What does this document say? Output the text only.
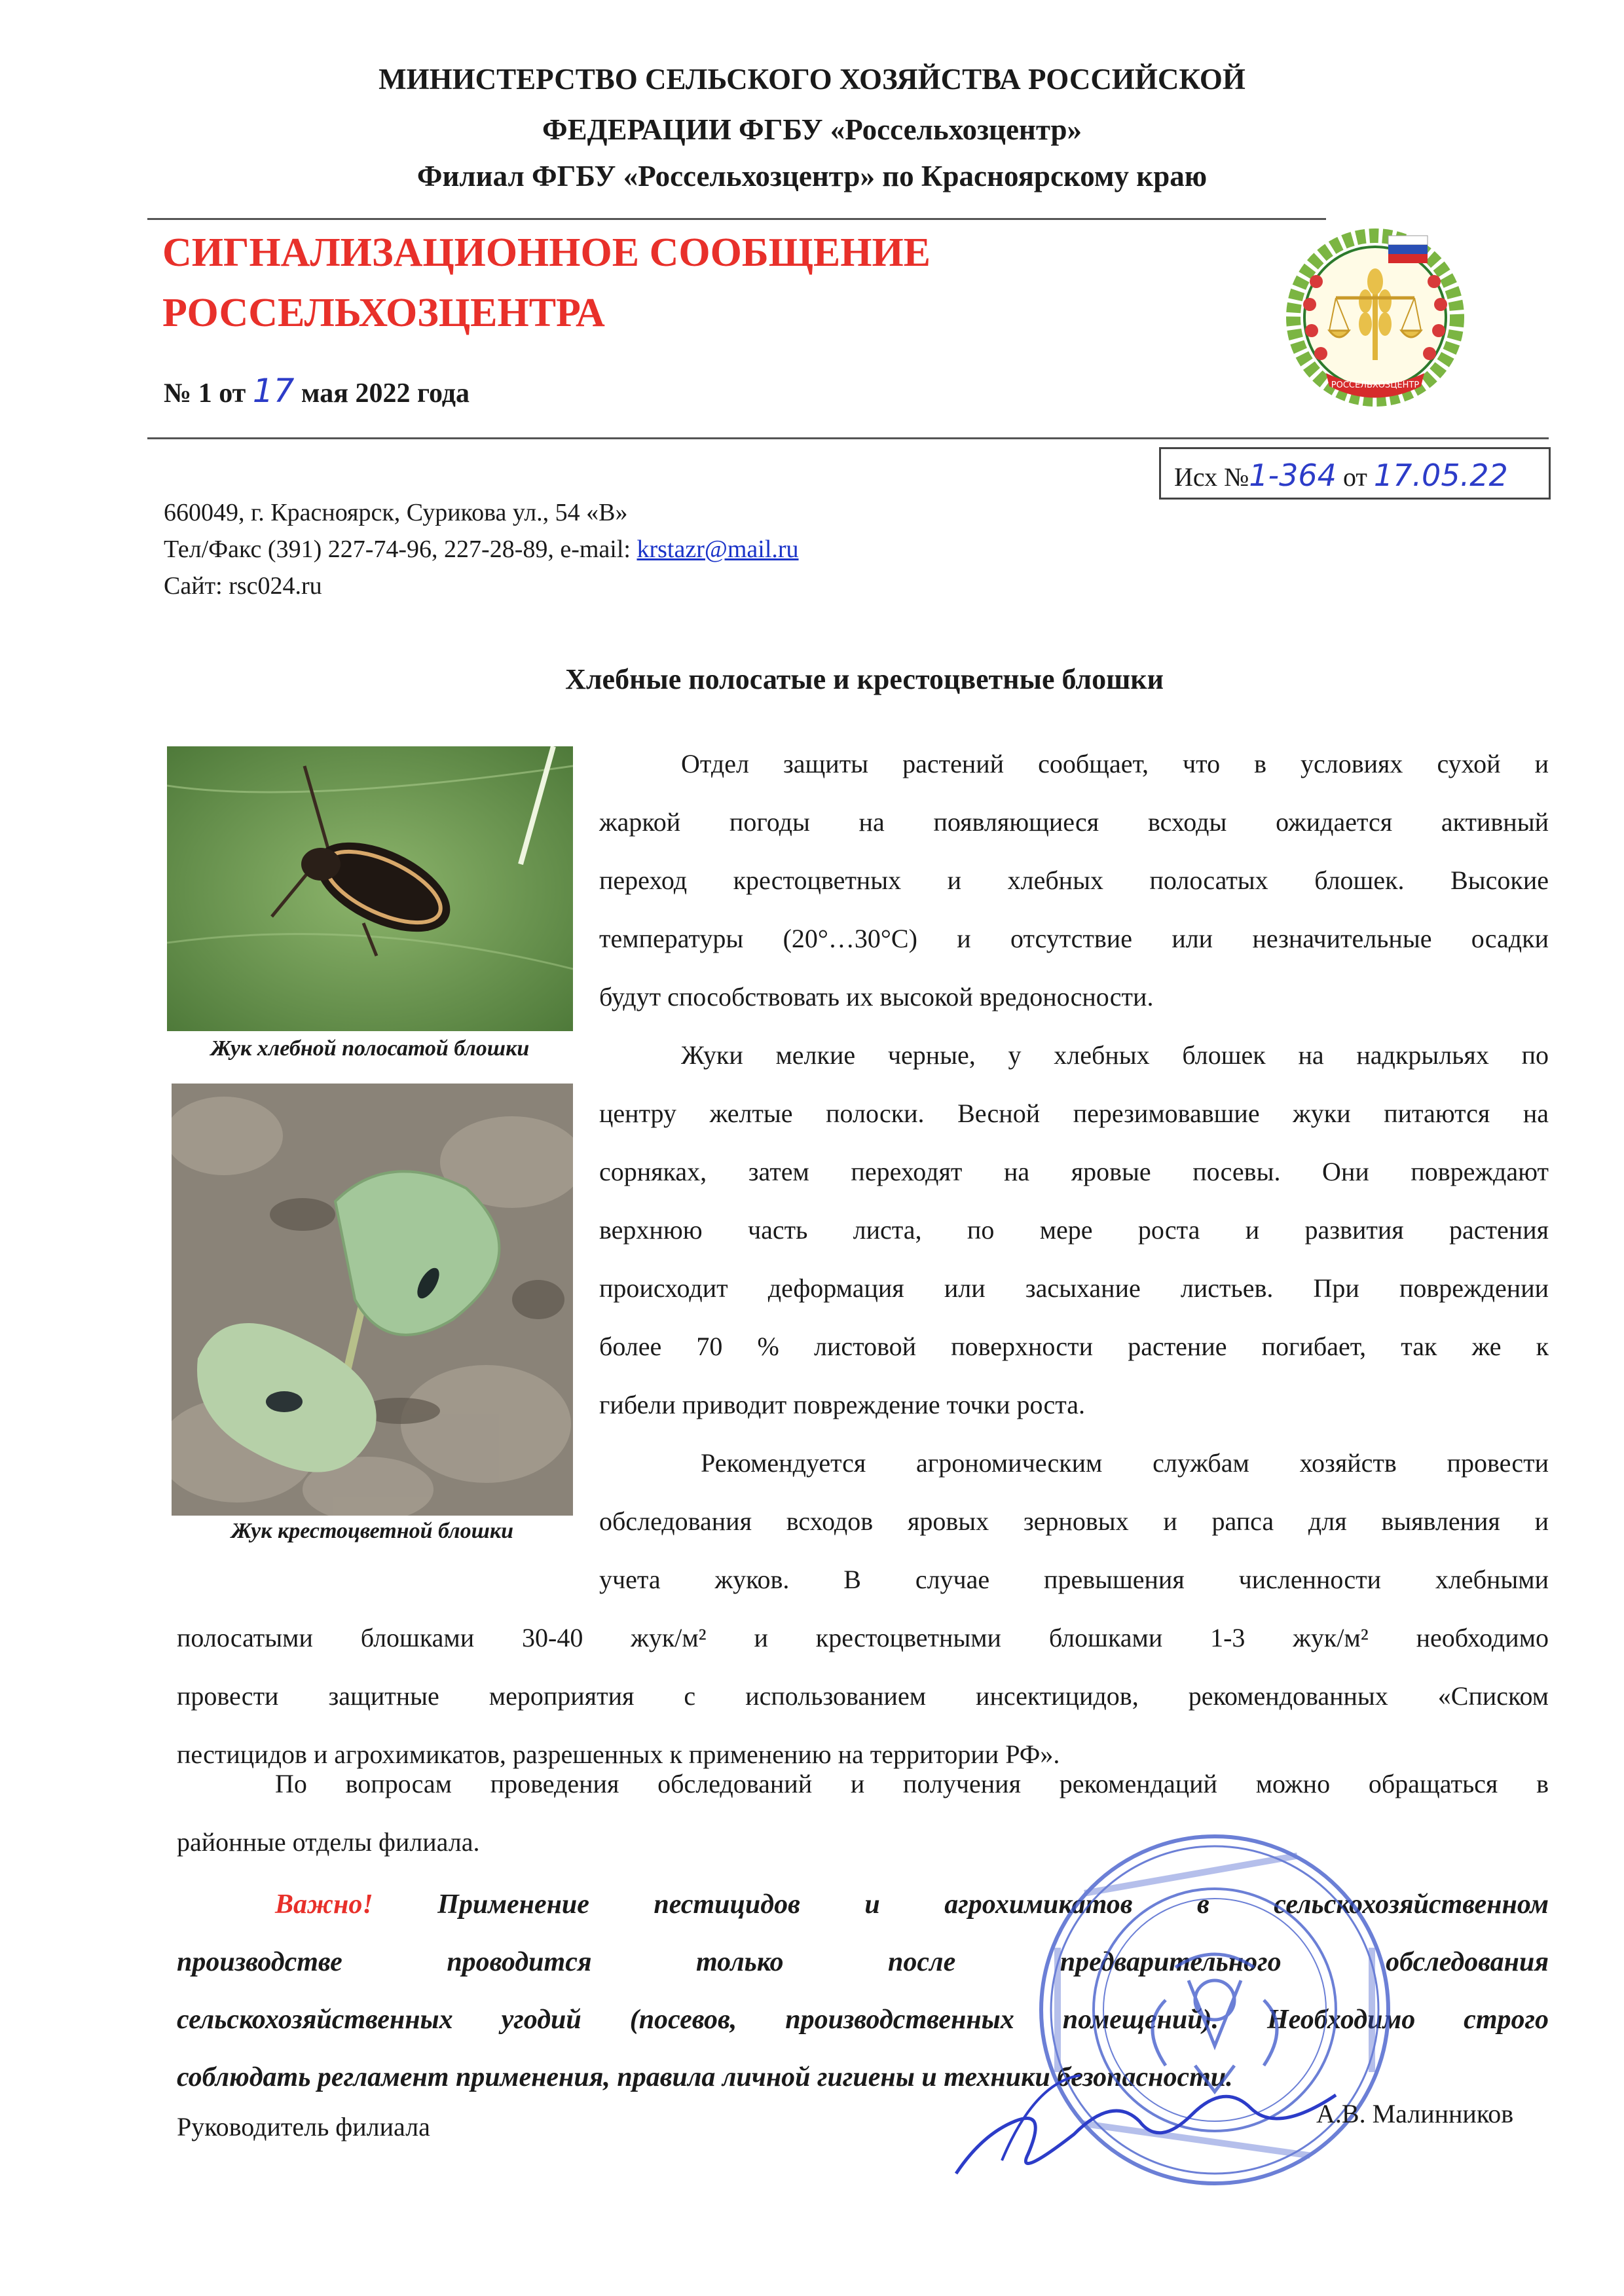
МИНИСТЕРСТВО СЕЛЬСКОГО ХОЗЯЙСТВА РОССИЙСКОЙ
ФЕДЕРАЦИИ ФГБУ «Россельхозцентр»
Филиал ФГБУ «Россельхозцентр» по Красноярскому краю
СИГНАЛИЗАЦИОННОЕ СООБЩЕНИЕ
РОССЕЛЬХОЗЦЕНТРА
№ 1 от 17 мая 2022 года	РОССЕЛЬХОЗЦЕНТР
Исх №1-364 от 17.05.22
660049, г. Красноярск, Сурикова ул., 54 «В»
Тел/Факс (391) 227-74-96, 227-28-89, e-mail: krstazr@mail.ru
Сайт: rsc024.ru
Хлебные полосатые и крестоцветные блошки
Жук хлебной полосатой блошки
Жук крестоцветной блошки
Отдел защиты растений сообщает, что в условиях сухой и
жаркой погоды на появляющиеся всходы ожидается активный
переход крестоцветных и хлебных полосатых блошек. Высокие
температуры (20°…30°С) и отсутствие или незначительные осадки
будут способствовать их высокой вредоносности.
Жуки мелкие черные, у хлебных блошек на надкрыльях по
центру желтые полоски. Весной перезимовавшие жуки питаются на
сорняках, затем переходят на яровые посевы. Они повреждают
верхнюю часть листа, по мере роста и развития растения
происходит деформация или засыхание листьев. При повреждении
более 70 % листовой поверхности растение погибает, так же к
гибели приводит повреждение точки роста.
Рекомендуется агрономическим службам хозяйств провести
обследования всходов яровых зерновых и рапса для выявления и
учета жуков. В случае превышения численности хлебными
полосатыми блошками 30-40 жук/м² и крестоцветными блошками 1-3 жук/м² необходимо
провести защитные мероприятия с использованием инсектицидов, рекомендованных «Списком
пестицидов и агрохимикатов, разрешенных к применению на территории РФ».
По вопросам проведения обследований и получения рекомендаций можно обращаться в
районные отделы филиала.
Важно! Применение пестицидов и агрохимикатов в сельскохозяйственном
производстве проводится только после предварительного обследования
сельскохозяйственных угодий (посевов, производственных помещений). Необходимо строго
соблюдать регламент применения, правила личной гигиены и техники безопасности.
Руководитель филиала	А.В. Малинников
